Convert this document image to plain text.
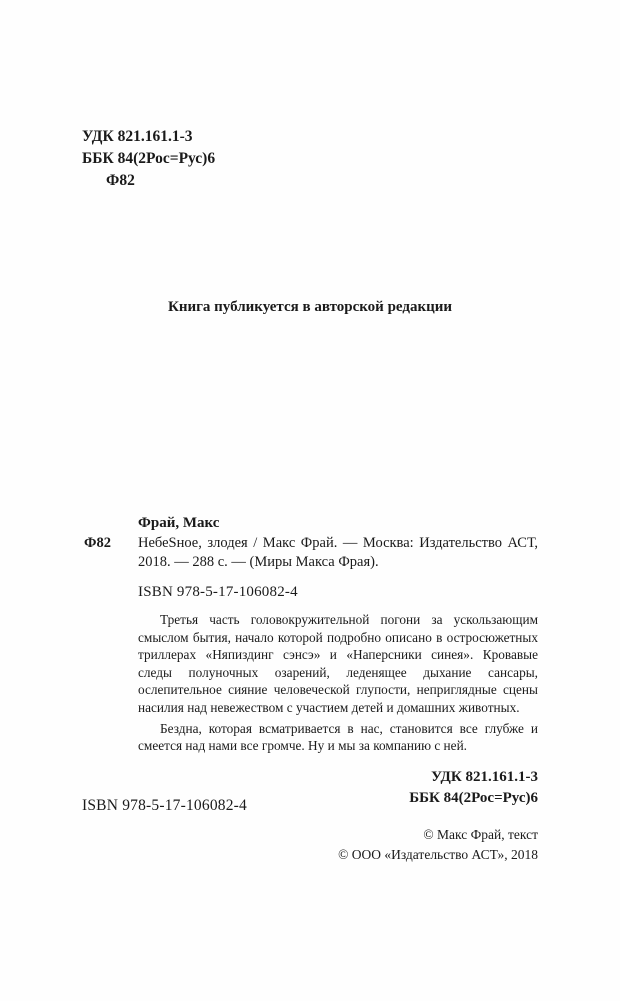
УДК 821.161.1-3
ББК 84(2Рос=Рус)6
Ф82
Книга публикуется в авторской редакции
Фрай, Макс
Ф82 НебеSное, злодея / Макс Фрай. — Москва: Издательство АСТ, 2018. — 288 с. — (Миры Макса Фрая).
ISBN 978-5-17-106082-4

Третья часть головокружительной погони за ускользающим смыслом бытия, начало которой подробно описано в остросюжетных триллерах «Няпиздинг сэнсэ» и «Наперсники синея». Кровавые следы полуночных озарений, леденящее дыхание сансары, ослепительное сияние человеческой глупости, неприглядные сцены насилия над невежеством с участием детей и домашних животных.

Бездна, которая всматривается в нас, становится все глубже и смеется над нами все громче. Ну и мы за компанию с ней.

УДК 821.161.1-3
ББК 84(2Рос=Рус)6
ISBN 978-5-17-106082-4
© Макс Фрай, текст
© ООО «Издательство АСТ», 2018
